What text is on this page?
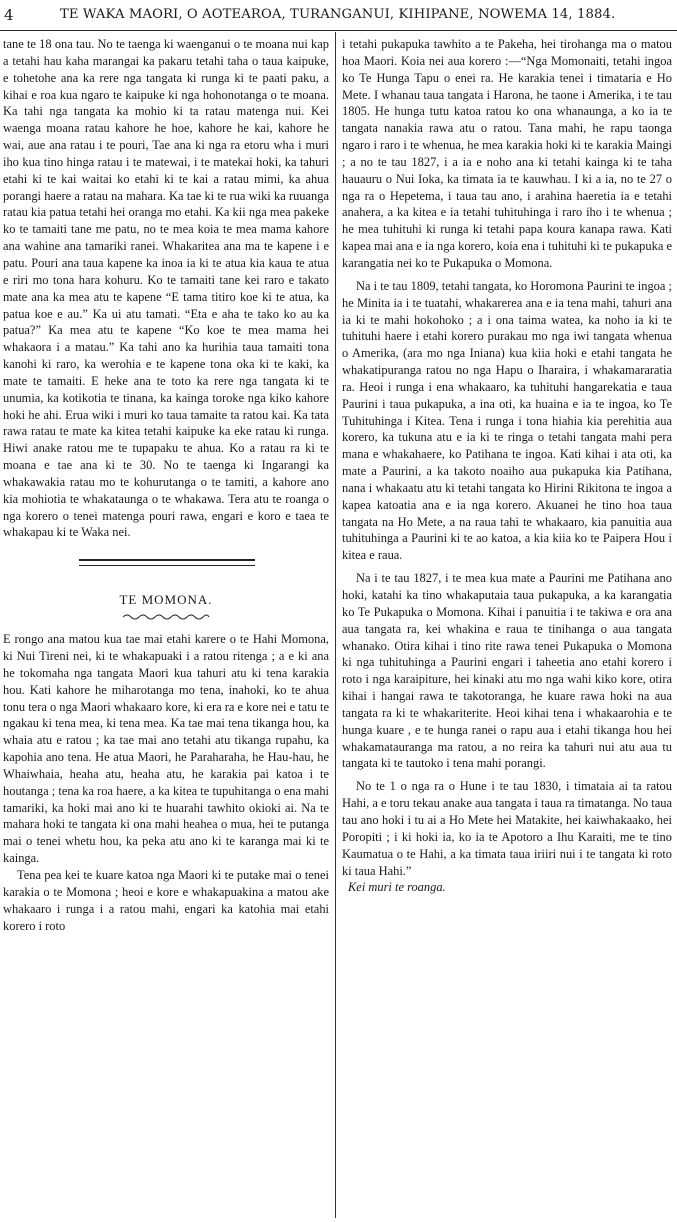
4	TE WAKA MAORI, O AOTEAROA, TURANGANUI, KIHIPANE, NOWEMA 14, 1884.

tane te 18 ona tau. No te taenga ki waenganui o te moana nui kap a tetahi hau kaha marangai ka pakaru tetahi taha o taua kaipuke, e tohetohe ana ka rere nga tangata ki runga ki te paati paku, a kihai e roa kua ngaro te kaipuke ki nga hohonotanga o te moana. Ka tahi nga tangata ka mohio ki ta ratau matenga nui. Kei waenga moana ratau kahore he hoe, kahore he kai, kahore he wai, aue ana ratau i te pouri, Tae ana ki nga ra etoru wha i muri iho kua tino hinga ratau i te matewai, i te matekai hoki, ka tahuri etahi ki te kai waitai ko etahi ki te kai a ratau mimi, ka ahua porangi haere a ratau na mahara. Ka tae ki te rua wiki ka ruuanga ratau kia patua tetahi hei oranga mo etahi. Ka kii nga mea pakeke ko te tamaiti tane me patu, no te mea koia te mea mama kahore ana wahine ana tamariki ranei. Whakaritea ana ma te kapene i e patu. Pouri ana taua kapene ka inoa ia ki te atua kia kaua te atua e riri mo tona hara kohuru. Ko te tamaiti tane kei raro e takato mate ana ka mea atu te kapene “E tama titiro koe ki te atua, ka patua koe e au.” Ka ui atu tamati. “Eta e aha te tako ko au ka patua?” Ka mea atu te kapene “Ko koe te mea mama hei whakaora i a matau.” Ka tahi ano ka hurihia taua tamaiti tona kanohi ki raro, ka werohia e te kapene tona oka ki te kaki, ka mate te tamaiti. E heke ana te toto ka rere nga tangata ki te unumia, ka kotikotia te tinana, ka kainga toroke nga kiko kahore hoki he ahi. Erua wiki i muri ko taua tamaite ta ratou kai. Ka tata rawa ratau te mate ka kitea tetahi kaipuke ka eke ratau ki runga. Hiwi anake ratou me te tupapaku te ahua. Ko a ratau ra ki te moana e tae ana ki te 30. No te taenga ki Ingarangi ka whakawakia ratau mo te kohurutanga o te tamiti, a kahore ano kia mohiotia te whakataunga o te whakawa. Tera atu te roanga o nga korero o tenei matenga pouri rawa, engari e koro e taea te whakapau ki te Waka nei.

TE MOMONA.

E rongo ana matou kua tae mai etahi karere o te Hahi Momona, ki Nui Tireni nei, ki te whakapuaki i a ratou ritenga ; a e ki ana he tokomaha nga tangata Maori kua tahuri atu ki tena karakia hou. Kati kahore he miharotanga mo tena, inahoki, ko te ahua tonu tera o nga Maori whakaaro kore, ki era ra e kore nei e tatu te ngakau ki tena mea, ki tena mea. Ka tae mai tena tikanga hou, ka whaia atu e ratou ; ka tae mai ano tetahi atu tikanga rupahu, ka kapohia ano tena. He atua Maori, he Paraharaha, he Hau-hau, he Whaiwhaia, heaha atu, heaha atu, he karakia pai katoa i te houtanga ; tena ka roa haere, a ka kitea te tupuhitanga o ena mahi tamariki, ka hoki mai ano ki te huarahi tawhito okioki ai. Na te mahara hoki te tangata ki ona mahi heahea o mua, hei te putanga mai o tenei whetu hou, ka peka atu ano ki te karanga mai ki te kainga.

Tena pea kei te kuare katoa nga Maori ki te putake mai o tenei karakia o te Momona ; heoi e kore e whakapuakina a matou ake whakaaro i runga i a ratou mahi, engari ka katohia mai etahi korero i roto

i tetahi pukapuka tawhito a te Pakeha, hei tirohanga ma o matou hoa Maori. Koia nei aua korero :—“Nga Momonaiti, tetahi ingoa ko Te Hunga Tapu o enei ra. He karakia tenei i timataria e Ho Mete. I whanau taua tangata i Harona, he taone i Amerika, i te tau 1805. He hunga tutu katoa ratou ko ona whanaunga, a ko ia te tangata nanakia rawa atu o ratou. Tana mahi, he rapu taonga ngaro i raro i te whenua, he mea karakia hoki ki te karakia Maingi ; a no te tau 1827, i a ia e noho ana ki tetahi kainga ki te taha hauauru o Nui Ioka, ka timata ia te kauwhau. I ki a ia, no te 27 o nga ra o Hepetema, i taua tau ano, i arahina haeretia ia e tetahi anahera, a ka kitea e ia tetahi tuhituhinga i raro iho i te whenua ; he mea tuhituhi ki runga ki tetahi papa koura kanapa rawa. Kati kapea mai ana e ia nga korero, koia ena i tuhituhi ki te pukapuka e karangatia nei ko te Pukapuka o Momona.

Na i te tau 1809, tetahi tangata, ko Horomona Paurini te ingoa ; he Minita ia i te tuatahi, whakarerea ana e ia tena mahi, tahuri ana ia ki te mahi hokohoko ; a i ona taima watea, ka noho ia ki te tuhituhi haere i etahi korero purakau mo nga iwi tangata whenua o Amerika, (ara mo nga Iniana) kua kiia hoki e etahi tangata he whakatipuranga ratou no nga Hapu o Iharaira, i whakamararatia ra. Heoi i runga i ena whakaaro, ka tuhituhi hangarekatia e taua Paurini i taua pukapuka, a ina oti, ka huaina e ia te ingoa, ko Te Tuhituhinga i Kitea. Tena i runga i tona hiahia kia perehitia aua korero, ka tukuna atu e ia ki te ringa o tetahi tangata mahi pera mana e whakahaere, ko Patihana te ingoa. Kati kihai i ata oti, ka mate a Paurini, a ka takoto noaiho aua pukapuka kia Patihana, nana i whakaatu atu ki tetahi tangata ko Hirini Rikitona te ingoa a kapea katoatia ana e ia nga korero. Akuanei he tino hoa taua tangata na Ho Mete, a na raua tahi te whakaaro, kia panuitia aua tuhituhinga a Paurini ki te ao katoa, a kia kiia ko te Paipera Hou i kitea e raua.

Na i te tau 1827, i te mea kua mate a Paurini me Patihana ano hoki, katahi ka tino whakaputaia taua pukapuka, a ka karangatia ko Te Pukapuka o Momona. Kihai i panuitia i te takiwa e ora ana aua tangata ra, kei whakina e raua te tinihanga o aua tangata whanako. Otira kihai i tino rite rawa tenei Pukapuka o Momona ki nga tuhituhinga a Paurini engari i taheetia ano etahi korero i roto i nga karaipiture, hei kinaki atu mo nga wahi kiko kore, otira kihai i hangai rawa te takotoranga, he kuare rawa hoki na aua tangata ra ki te whakariterite. Heoi kihai tena i whakaarohia e te hunga kuare , e te hunga ranei o rapu aua i etahi tikanga hou hei whakamatauranga ma ratou, a no reira ka tahuri nui atu aua tu tangata ki te tautoko i tena mahi porangi.

No te 1 o nga ra o Hune i te tau 1830, i timataia ai ta ratou Hahi, a e toru tekau anake aua tangata i taua ra timatanga. No taua tau ano hoki i tu ai a Ho Mete hei Matakite, hei kaiwhakaako, hei Poropiti ; i ki hoki ia, ko ia te Apotoro a Ihu Karaiti, me te tino Kaumatua o te Hahi, a ka timata taua iriiri nui i te tangata ki roto ki taua Hahi.”

Kei muri te roanga.
